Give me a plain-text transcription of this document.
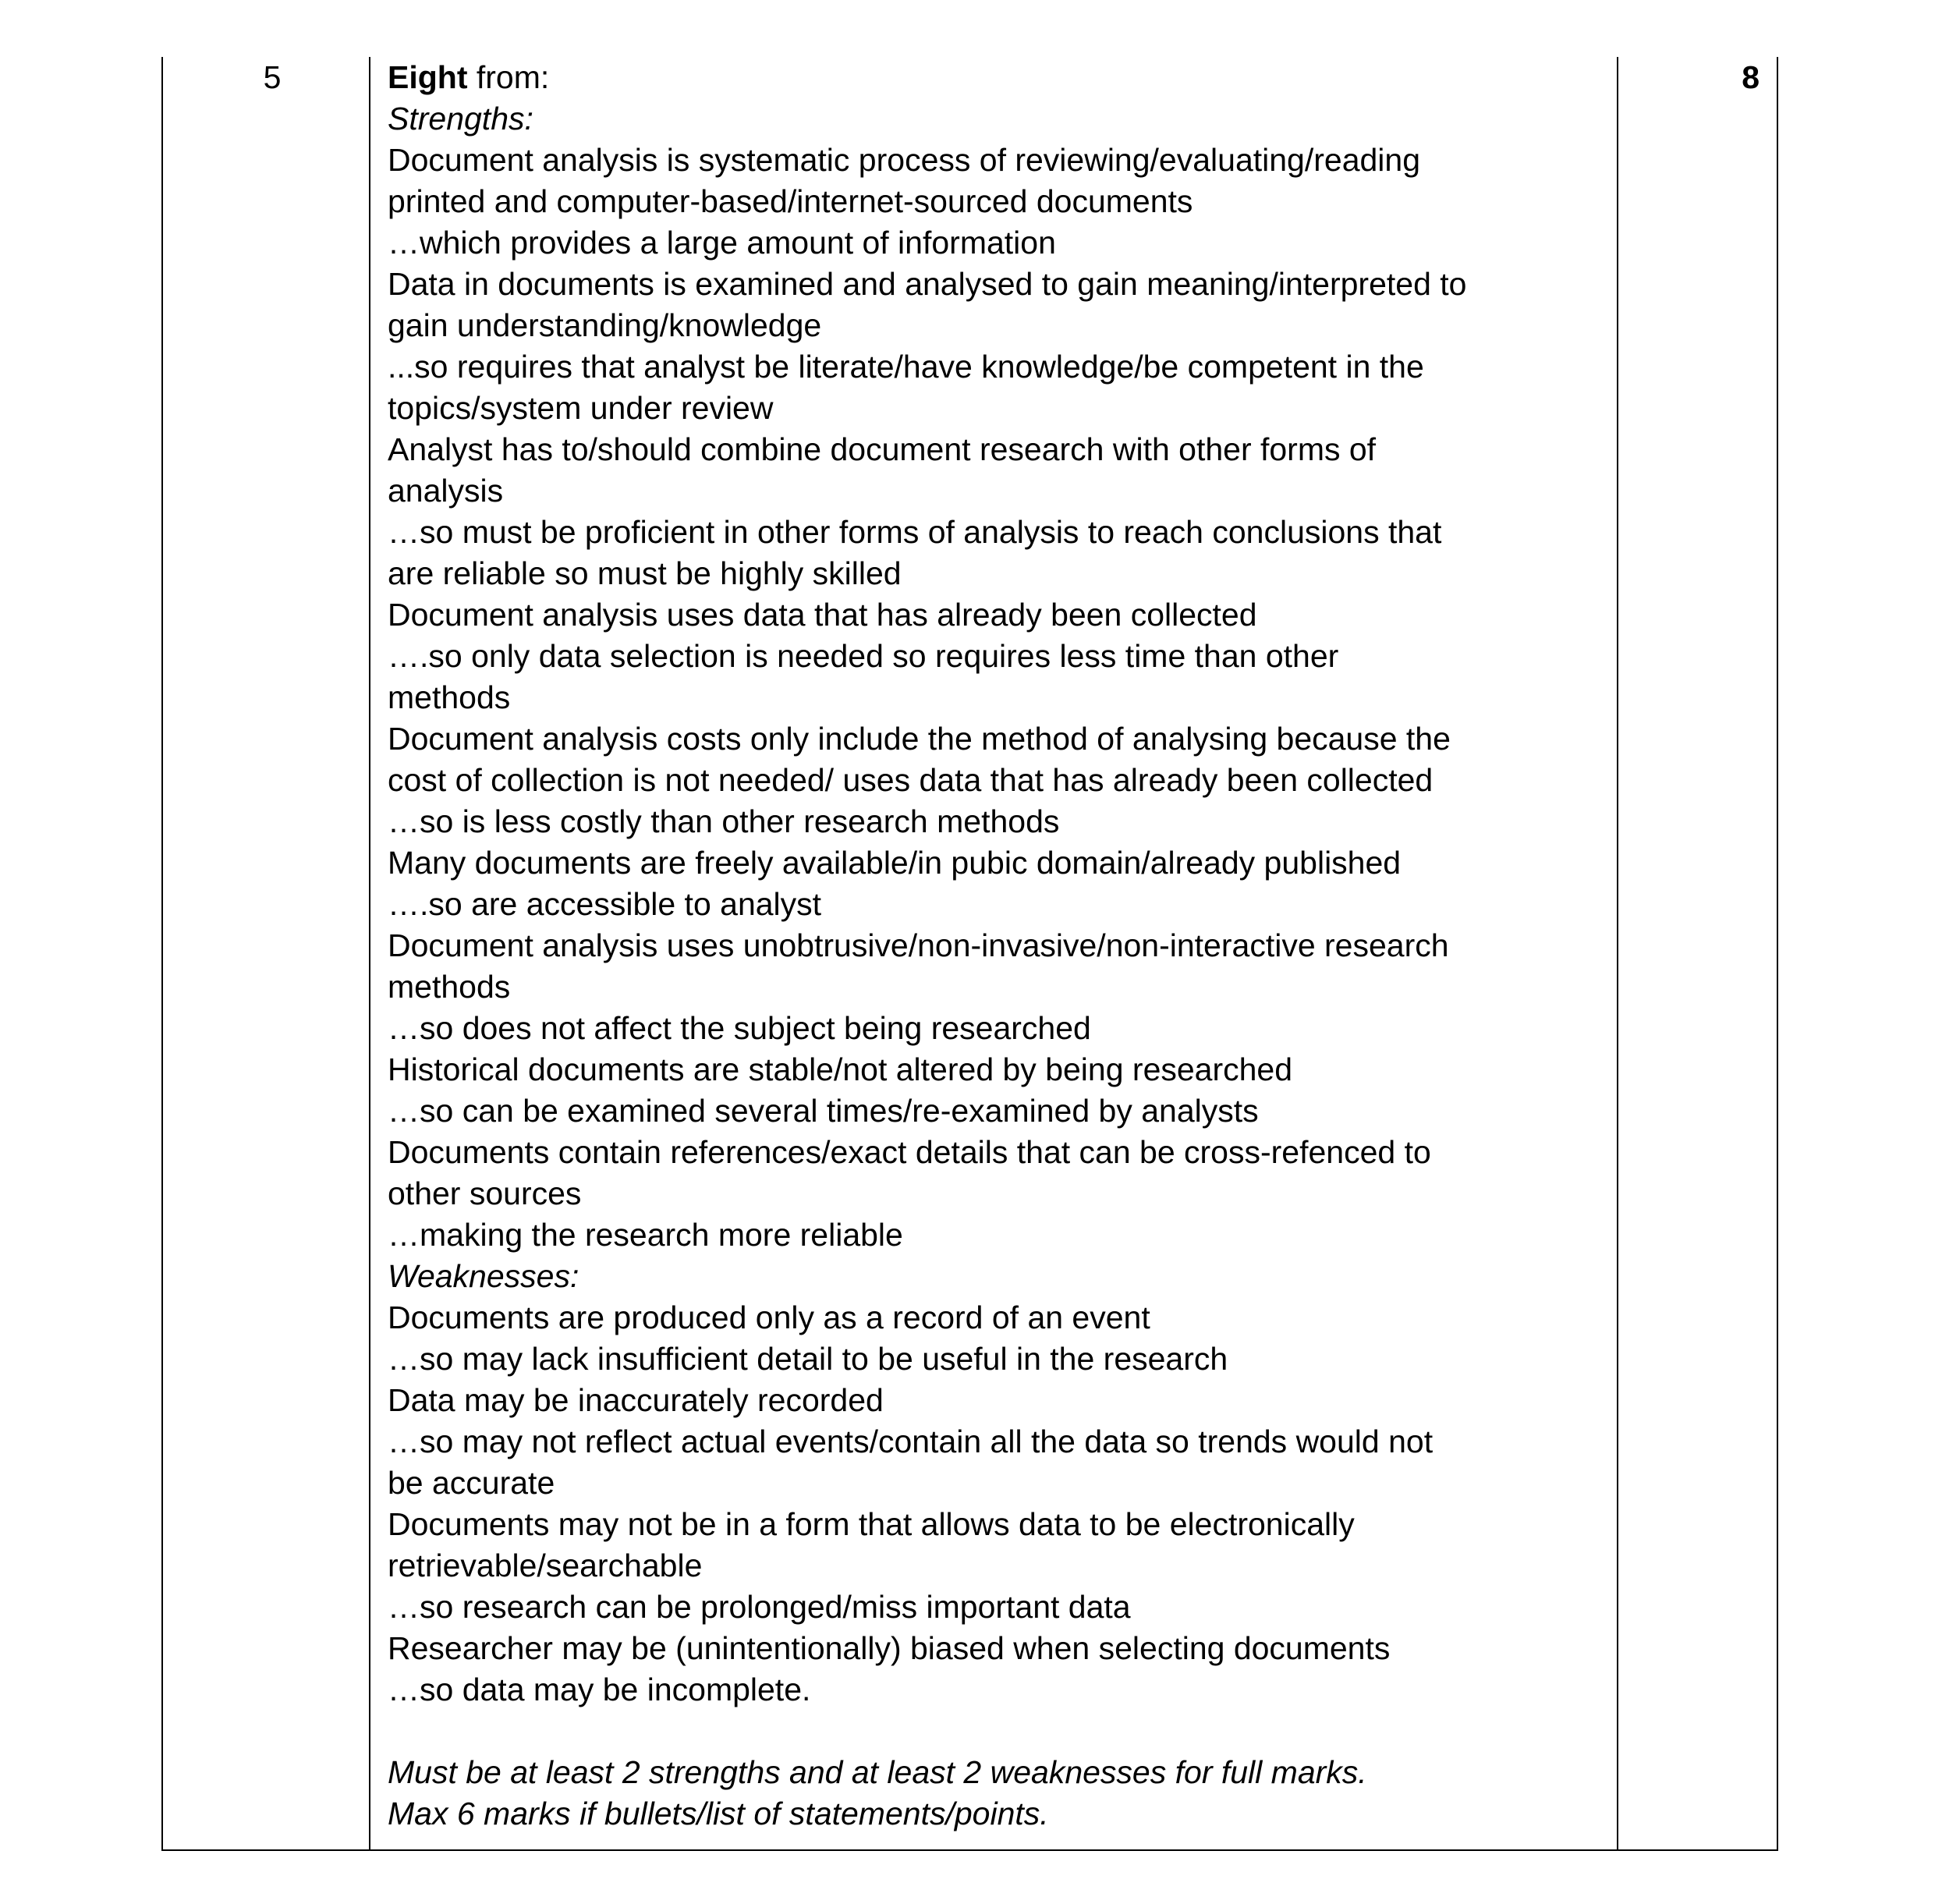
5	Eight from:
Strengths:
Document analysis is systematic process of reviewing/evaluating/reading
printed and computer-based/internet-sourced documents
…which provides a large amount of information
Data in documents is examined and analysed to gain meaning/interpreted to
gain understanding/knowledge
...so requires that analyst be literate/have knowledge/be competent in the
topics/system under review
Analyst has to/should combine document research with other forms of
analysis
…so must be proficient in other forms of analysis to reach conclusions that
are reliable so must be highly skilled
Document analysis uses data that has already been collected
….so only data selection is needed so requires less time than other
methods
Document analysis costs only include the method of analysing because the
cost of collection is not needed/ uses data that has already been collected
…so is less costly than other research methods
Many documents are freely available/in pubic domain/already published
….so are accessible to analyst
Document analysis uses unobtrusive/non-invasive/non-interactive research
methods
…so does not affect the subject being researched
Historical documents are stable/not altered by being researched
…so can be examined several times/re-examined by analysts
Documents contain references/exact details that can be cross-refenced to
other sources
…making the research more reliable
Weaknesses:
Documents are produced only as a record of an event
…so may lack insufficient detail to be useful in the research
Data may be inaccurately recorded
…so may not reflect actual events/contain all the data so trends would not
be accurate
Documents may not be in a form that allows data to be electronically
retrievable/searchable
…so research can be prolonged/miss important data
Researcher may be (unintentionally) biased when selecting documents
…so data may be incomplete.
Must be at least 2 strengths and at least 2 weaknesses for full marks.
Max 6 marks if bullets/list of statements/points.
8
